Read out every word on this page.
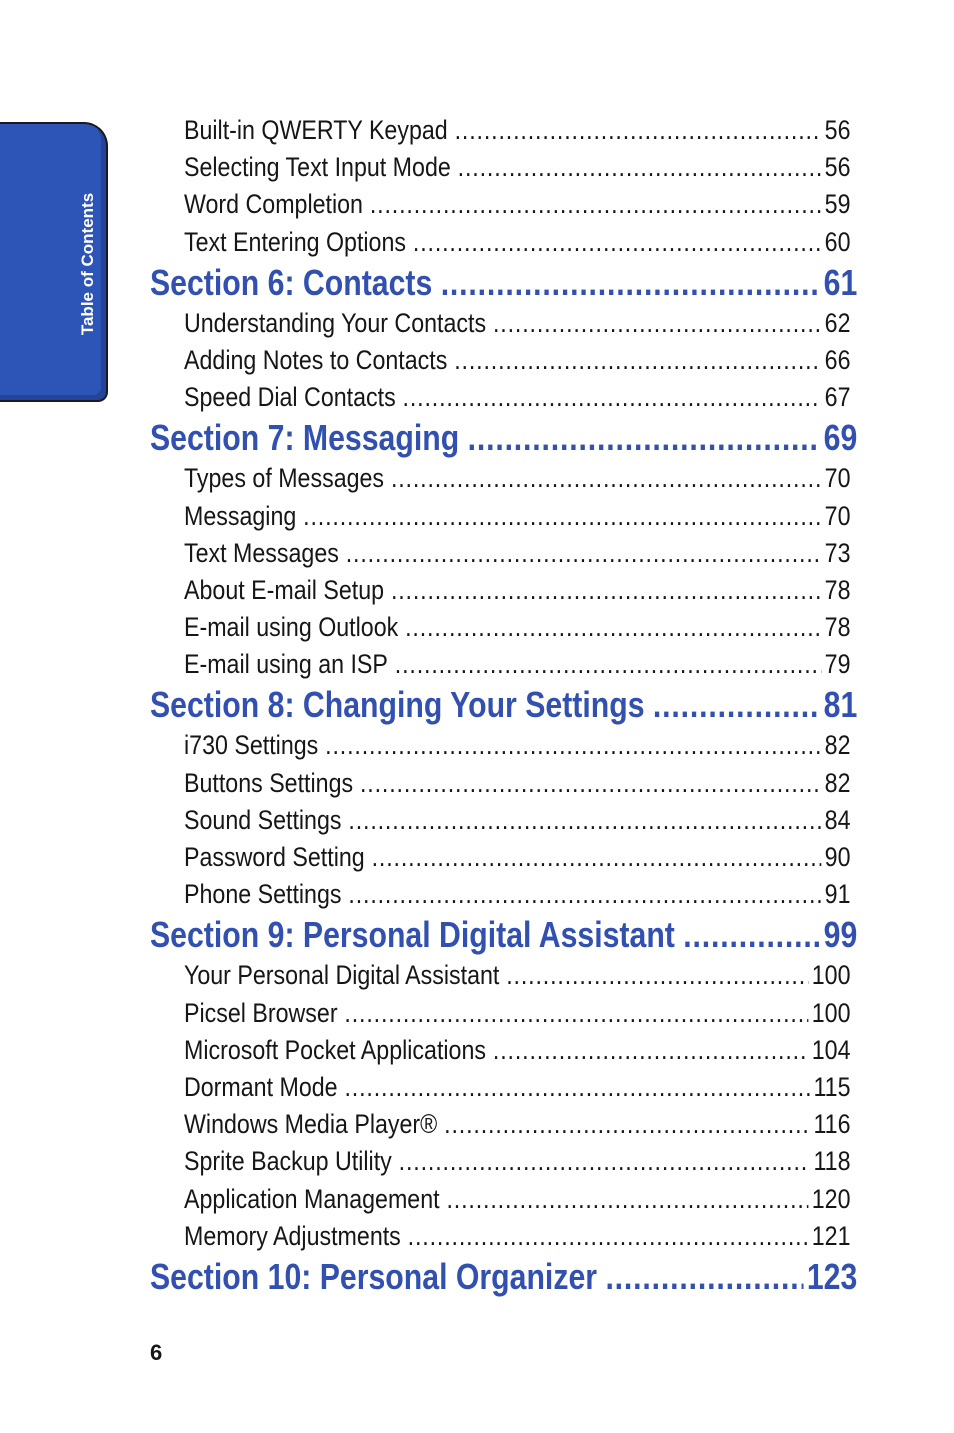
Table of Contents
Built-in QWERTY Keypad .....	56
Selecting Text Input Mode .....	56
Word Completion .....	59
Text Entering Options .....	60
Section 6: Contacts .....	61
Understanding Your Contacts .....	62
Adding Notes to Contacts .....	66
Speed Dial Contacts .....	67
Section 7: Messaging .....	69
Types of Messages .....	70
Messaging .....	70
Text Messages .....	73
About E-mail Setup .....	78
E-mail using Outlook .....	78
E-mail using an ISP .....	79
Section 8: Changing Your Settings .....	81
i730 Settings .....	82
Buttons Settings .....	82
Sound Settings .....	84
Password Setting .....	90
Phone Settings .....	91
Section 9: Personal Digital Assistant .....	99
Your Personal Digital Assistant .....	100
Picsel Browser .....	100
Microsoft Pocket Applications .....	104
Dormant Mode .....	115
Windows Media Player® .....	116
Sprite Backup Utility .....	118
Application Management .....	120
Memory Adjustments .....	121
Section 10: Personal Organizer .....	123
6
